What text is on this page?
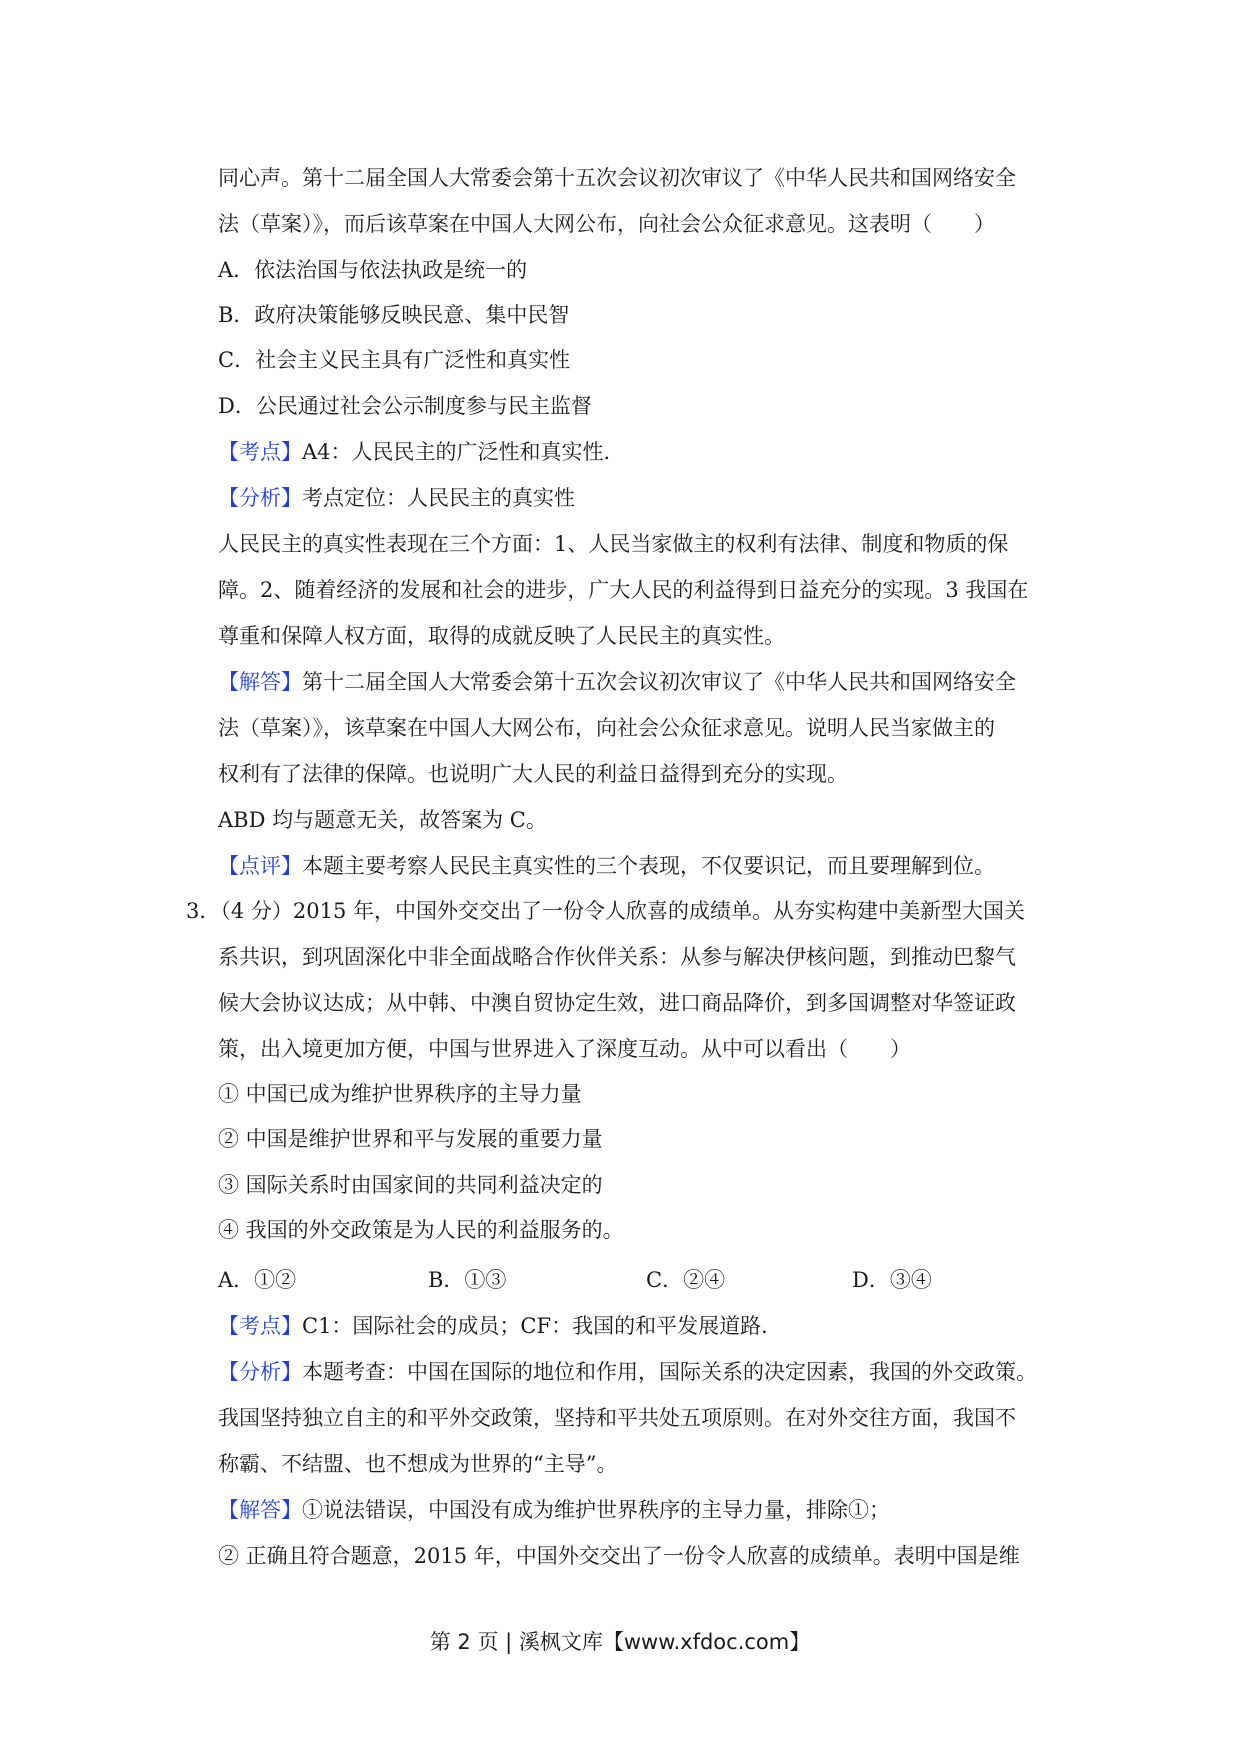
同心声。第十二届全国人大常委会第十五次会议初次审议了《中华人民共和国网络安全
法（草案）》，而后该草案在中国人大网公布，向社会公众征求意见。这表明（　　）
A．依法治国与依法执政是统一的
B．政府决策能够反映民意、集中民智
C．社会主义民主具有广泛性和真实性
D．公民通过社会公示制度参与民主监督
【考点】A4：人民民主的广泛性和真实性．
【分析】考点定位：人民民主的真实性
人民民主的真实性表现在三个方面：1、人民当家做主的权利有法律、制度和物质的保
障。2、随着经济的发展和社会的进步，广大人民的利益得到日益充分的实现。3 我国在
尊重和保障人权方面，取得的成就反映了人民民主的真实性。
【解答】第十二届全国人大常委会第十五次会议初次审议了《中华人民共和国网络安全
法（草案）》，该草案在中国人大网公布，向社会公众征求意见。说明人民当家做主的
权利有了法律的保障。也说明广大人民的利益日益得到充分的实现。
ABD 均与题意无关，故答案为 C。
【点评】本题主要考察人民民主真实性的三个表现，不仅要识记，而且要理解到位。
3．（4 分）2015 年，中国外交交出了一份令人欣喜的成绩单。从夯实构建中美新型大国关
系共识，到巩固深化中非全面战略合作伙伴关系：从参与解决伊核问题，到推动巴黎气
候大会协议达成；从中韩、中澳自贸协定生效，进口商品降价，到多国调整对华签证政
策，出入境更加方便，中国与世界进入了深度互动。从中可以看出（　　）
① 中国已成为维护世界秩序的主导力量
② 中国是维护世界和平与发展的重要力量
③ 国际关系时由国家间的共同利益决定的
④ 我国的外交政策是为人民的利益服务的。
A．①②	B．①③	C．②④	D．③④
【考点】C1：国际社会的成员；CF：我国的和平发展道路．
【分析】本题考查：中国在国际的地位和作用，国际关系的决定因素，我国的外交政策。
我国坚持独立自主的和平外交政策，坚持和平共处五项原则。在对外交往方面，我国不
称霸、不结盟、也不想成为世界的“主导”。
【解答】①说法错误，中国没有成为维护世界秩序的主导力量，排除①；
② 正确且符合题意，2015 年，中国外交交出了一份令人欣喜的成绩单。表明中国是维
第 2 页 | 溪枫文库【www.xfdoc.com】
